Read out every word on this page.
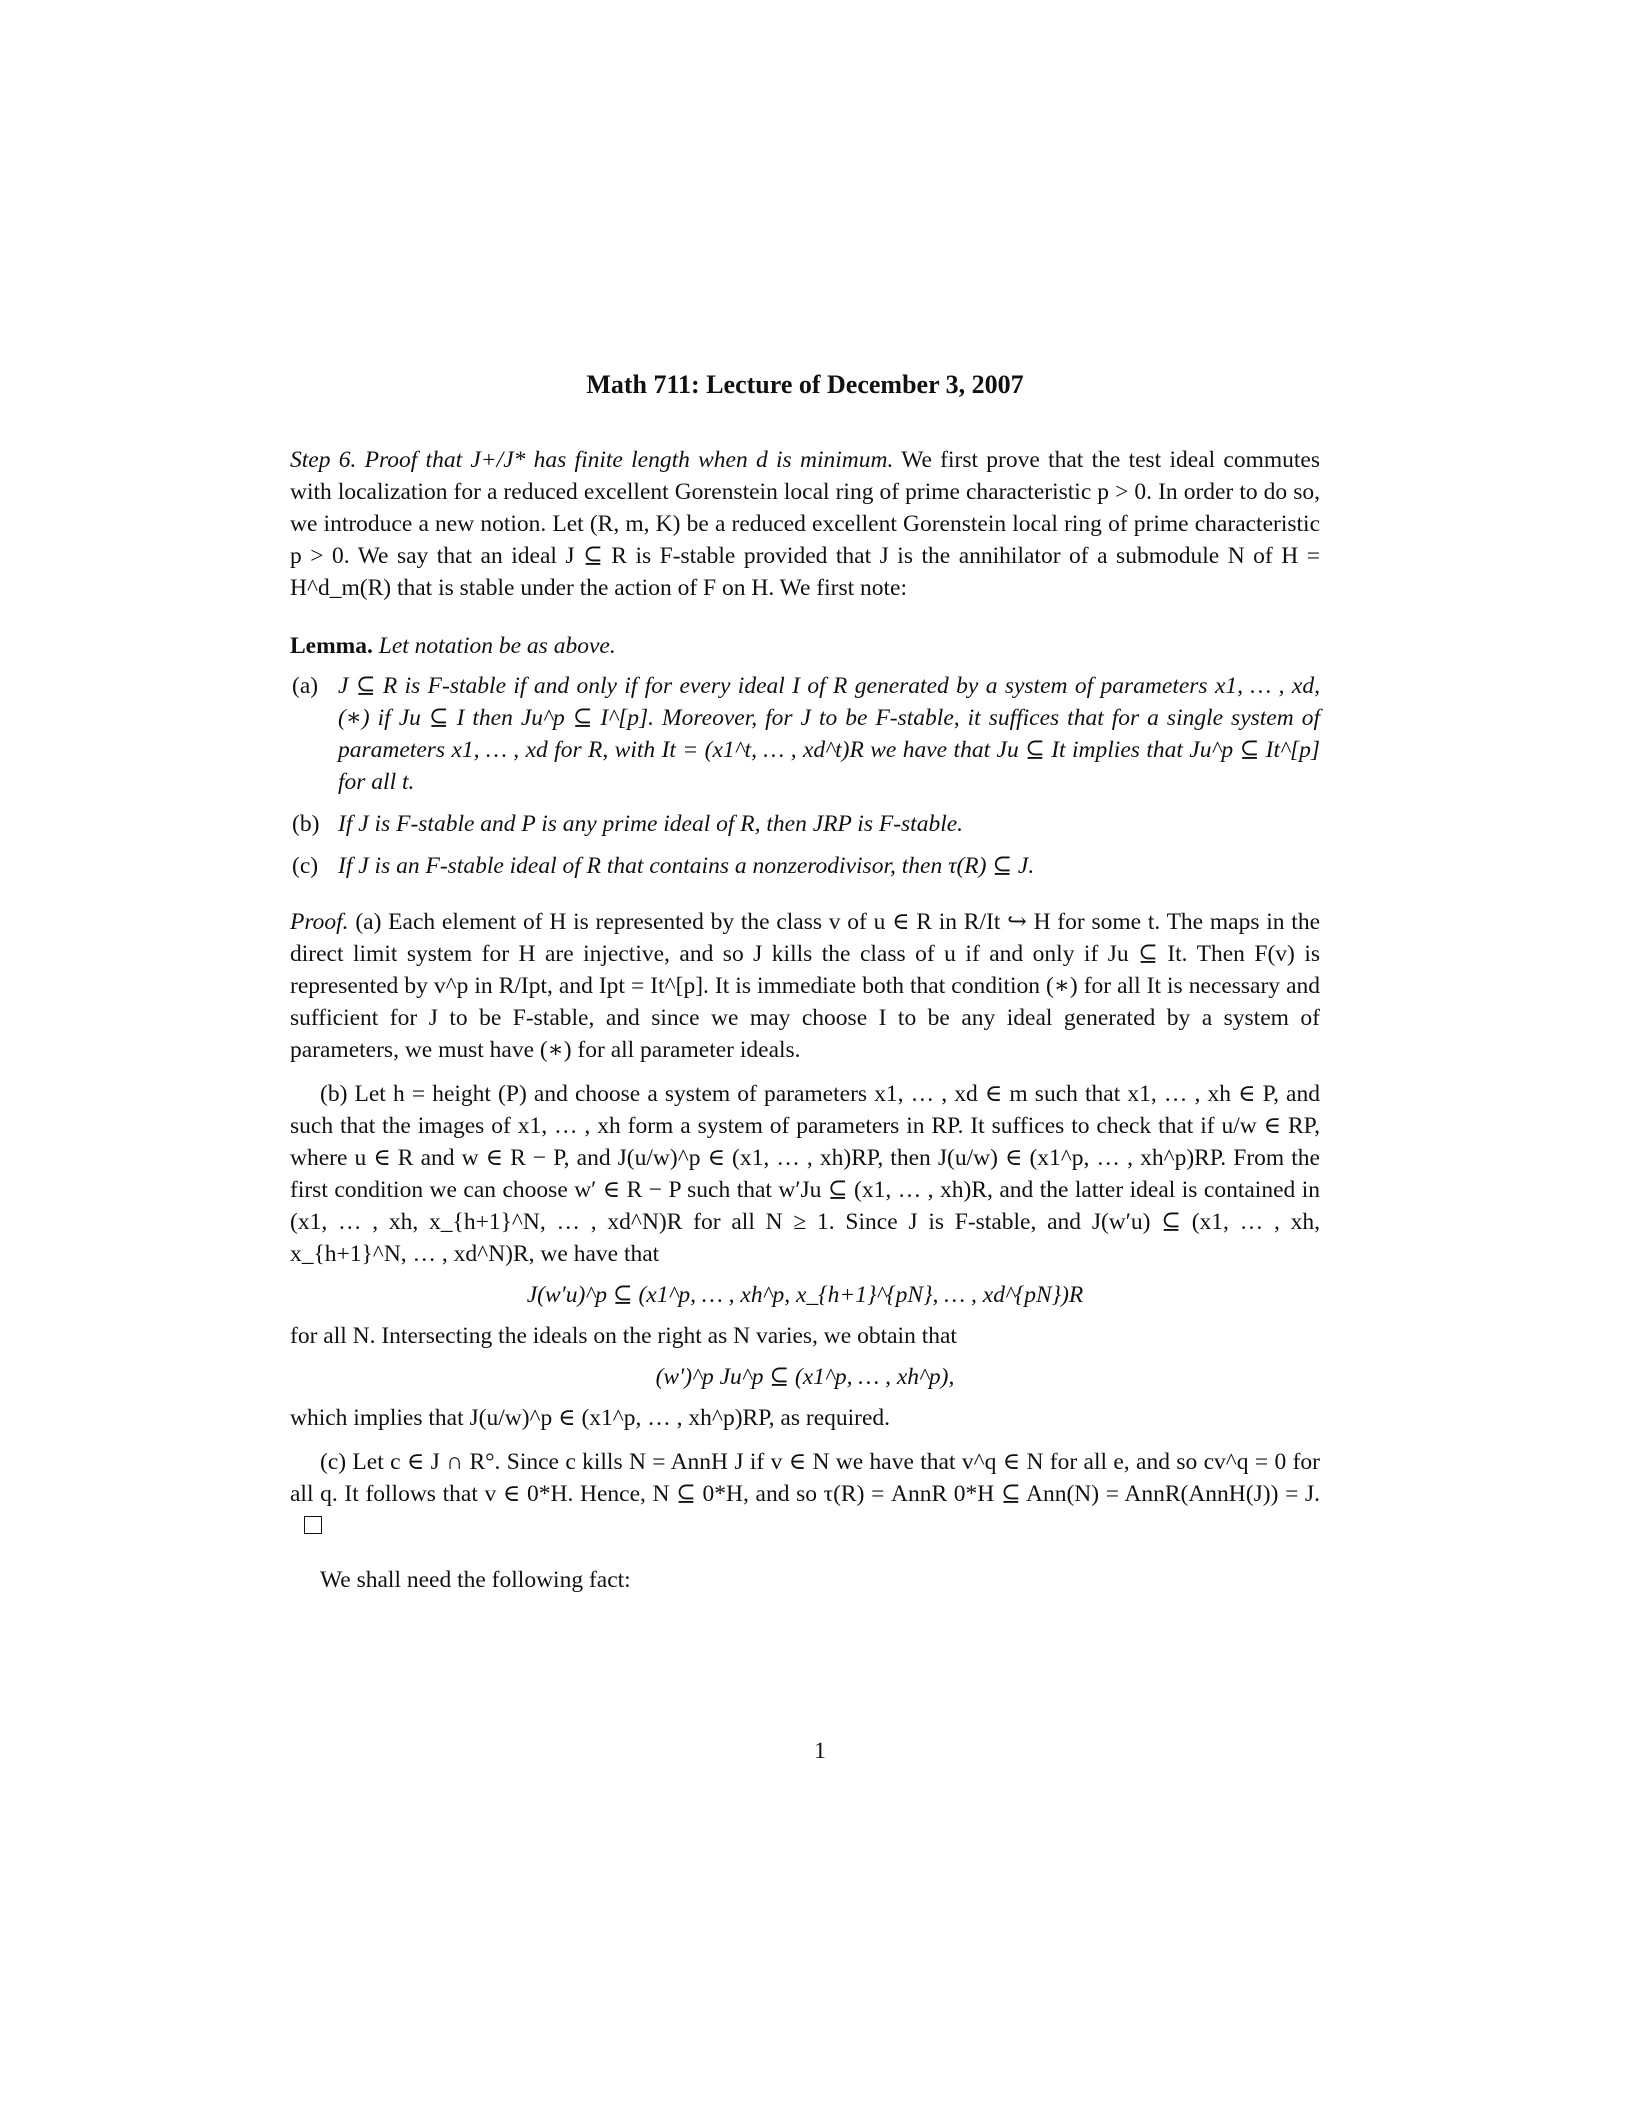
Math 711: Lecture of December 3, 2007

Step 6. Proof that J+/J* has finite length when d is minimum. We first prove that the test ideal commutes with localization for a reduced excellent Gorenstein local ring of prime characteristic p > 0. In order to do so, we introduce a new notion. Let (R, m, K) be a reduced excellent Gorenstein local ring of prime characteristic p > 0. We say that an ideal J ⊆ R is F-stable provided that J is the annihilator of a submodule N of H = H^d_m(R) that is stable under the action of F on H. We first note:

Lemma. Let notation be as above.

(a) J ⊆ R is F-stable if and only if for every ideal I of R generated by a system of parameters x1, … , xd, (∗) if Ju ⊆ I then Ju^p ⊆ I^[p]. Moreover, for J to be F-stable, it suffices that for a single system of parameters x1, … , xd for R, with It = (x1^t, … , xd^t)R we have that Ju ⊆ It implies that Ju^p ⊆ It^[p] for all t.
(b) If J is F-stable and P is any prime ideal of R, then JRP is F-stable.
(c) If J is an F-stable ideal of R that contains a nonzerodivisor, then τ(R) ⊆ J.

Proof. (a) Each element of H is represented by the class v of u ∈ R in R/It ↪ H for some t. The maps in the direct limit system for H are injective, and so J kills the class of u if and only if Ju ⊆ It. Then F(v) is represented by v^p in R/Ipt, and Ipt = It^[p]. It is immediate both that condition (∗) for all It is necessary and sufficient for J to be F-stable, and since we may choose I to be any ideal generated by a system of parameters, we must have (∗) for all parameter ideals.

(b) Let h = height (P) and choose a system of parameters x1, … , xd ∈ m such that x1, … , xh ∈ P, and such that the images of x1, … , xh form a system of parameters in RP. It suffices to check that if u/w ∈ RP, where u ∈ R and w ∈ R − P, and J(u/w)^p ∈ (x1, … , xh)RP, then J(u/w) ∈ (x1^p, … , xh^p)RP. From the first condition we can choose w′ ∈ R − P such that w′Ju ⊆ (x1, … , xh)R, and the latter ideal is contained in (x1, … , xh, x_{h+1}^N, … , xd^N)R for all N ≥ 1. Since J is F-stable, and J(w′u) ⊆ (x1, … , xh, x_{h+1}^N, … , xd^N)R, we have that

J(w′u)^p ⊆ (x1^p, … , xh^p, x_{h+1}^{pN}, … , xd^{pN})R

for all N. Intersecting the ideals on the right as N varies, we obtain that

(w′)^p Ju^p ⊆ (x1^p, … , xh^p),

which implies that J(u/w)^p ∈ (x1^p, … , xh^p)RP, as required.

(c) Let c ∈ J ∩ R°. Since c kills N = AnnH J if v ∈ N we have that v^q ∈ N for all e, and so cv^q = 0 for all q. It follows that v ∈ 0*H. Hence, N ⊆ 0*H, and so τ(R) = AnnR 0*H ⊆ Ann(N) = AnnR(AnnH(J)) = J.

We shall need the following fact:

1
